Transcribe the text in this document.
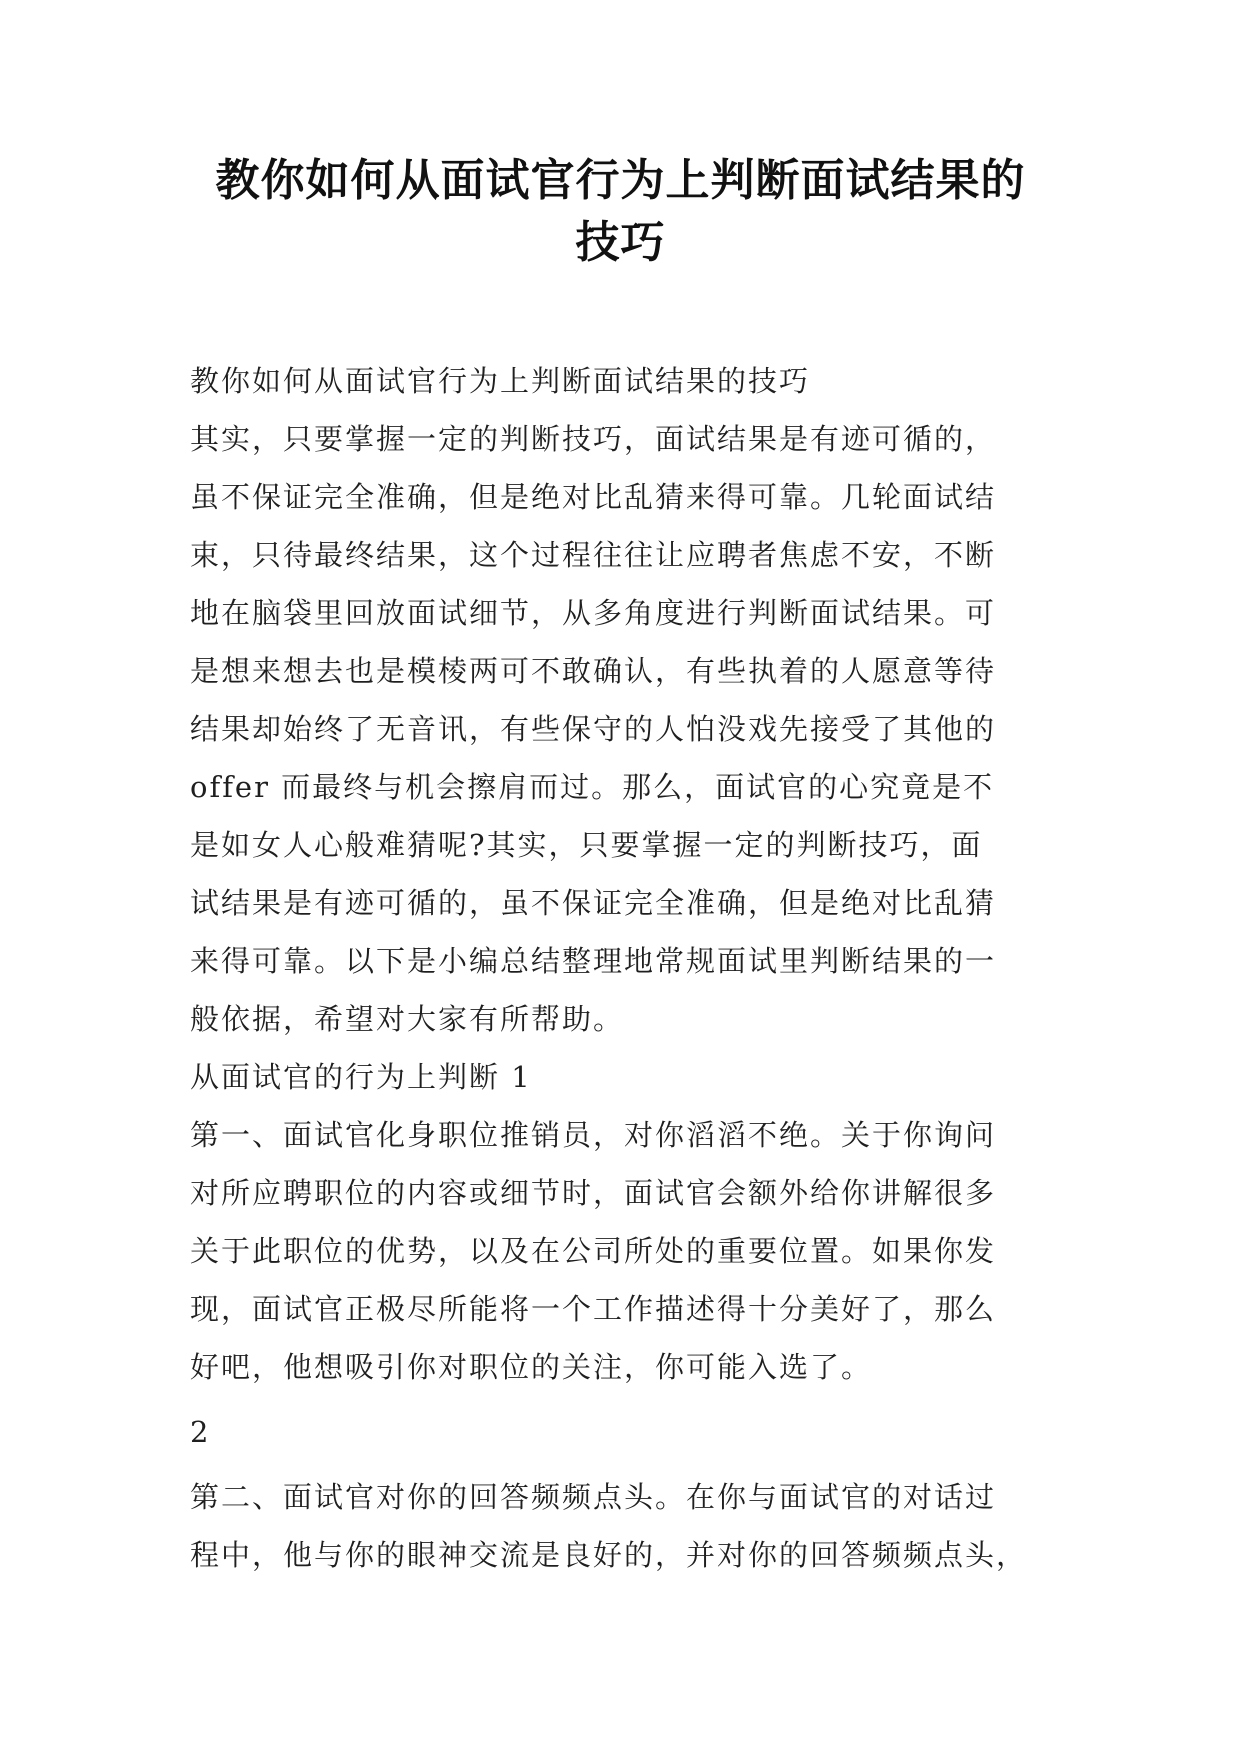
教你如何从面试官行为上判断面试结果的
技巧
教你如何从面试官行为上判断面试结果的技巧
其实，只要掌握一定的判断技巧，面试结果是有迹可循的，
虽不保证完全准确，但是绝对比乱猜来得可靠。几轮面试结
束，只待最终结果，这个过程往往让应聘者焦虑不安，不断
地在脑袋里回放面试细节，从多角度进行判断面试结果。可
是想来想去也是模棱两可不敢确认，有些执着的人愿意等待
结果却始终了无音讯，有些保守的人怕没戏先接受了其他的
offer 而最终与机会擦肩而过。那么，面试官的心究竟是不
是如女人心般难猜呢?其实，只要掌握一定的判断技巧，面
试结果是有迹可循的，虽不保证完全准确，但是绝对比乱猜
来得可靠。以下是小编总结整理地常规面试里判断结果的一
般依据，希望对大家有所帮助。
从面试官的行为上判断 1
第一、面试官化身职位推销员，对你滔滔不绝。关于你询问
对所应聘职位的内容或细节时，面试官会额外给你讲解很多
关于此职位的优势，以及在公司所处的重要位置。如果你发
现，面试官正极尽所能将一个工作描述得十分美好了，那么
好吧，他想吸引你对职位的关注，你可能入选了。
2
第二、面试官对你的回答频频点头。在你与面试官的对话过
程中，他与你的眼神交流是良好的，并对你的回答频频点头，
